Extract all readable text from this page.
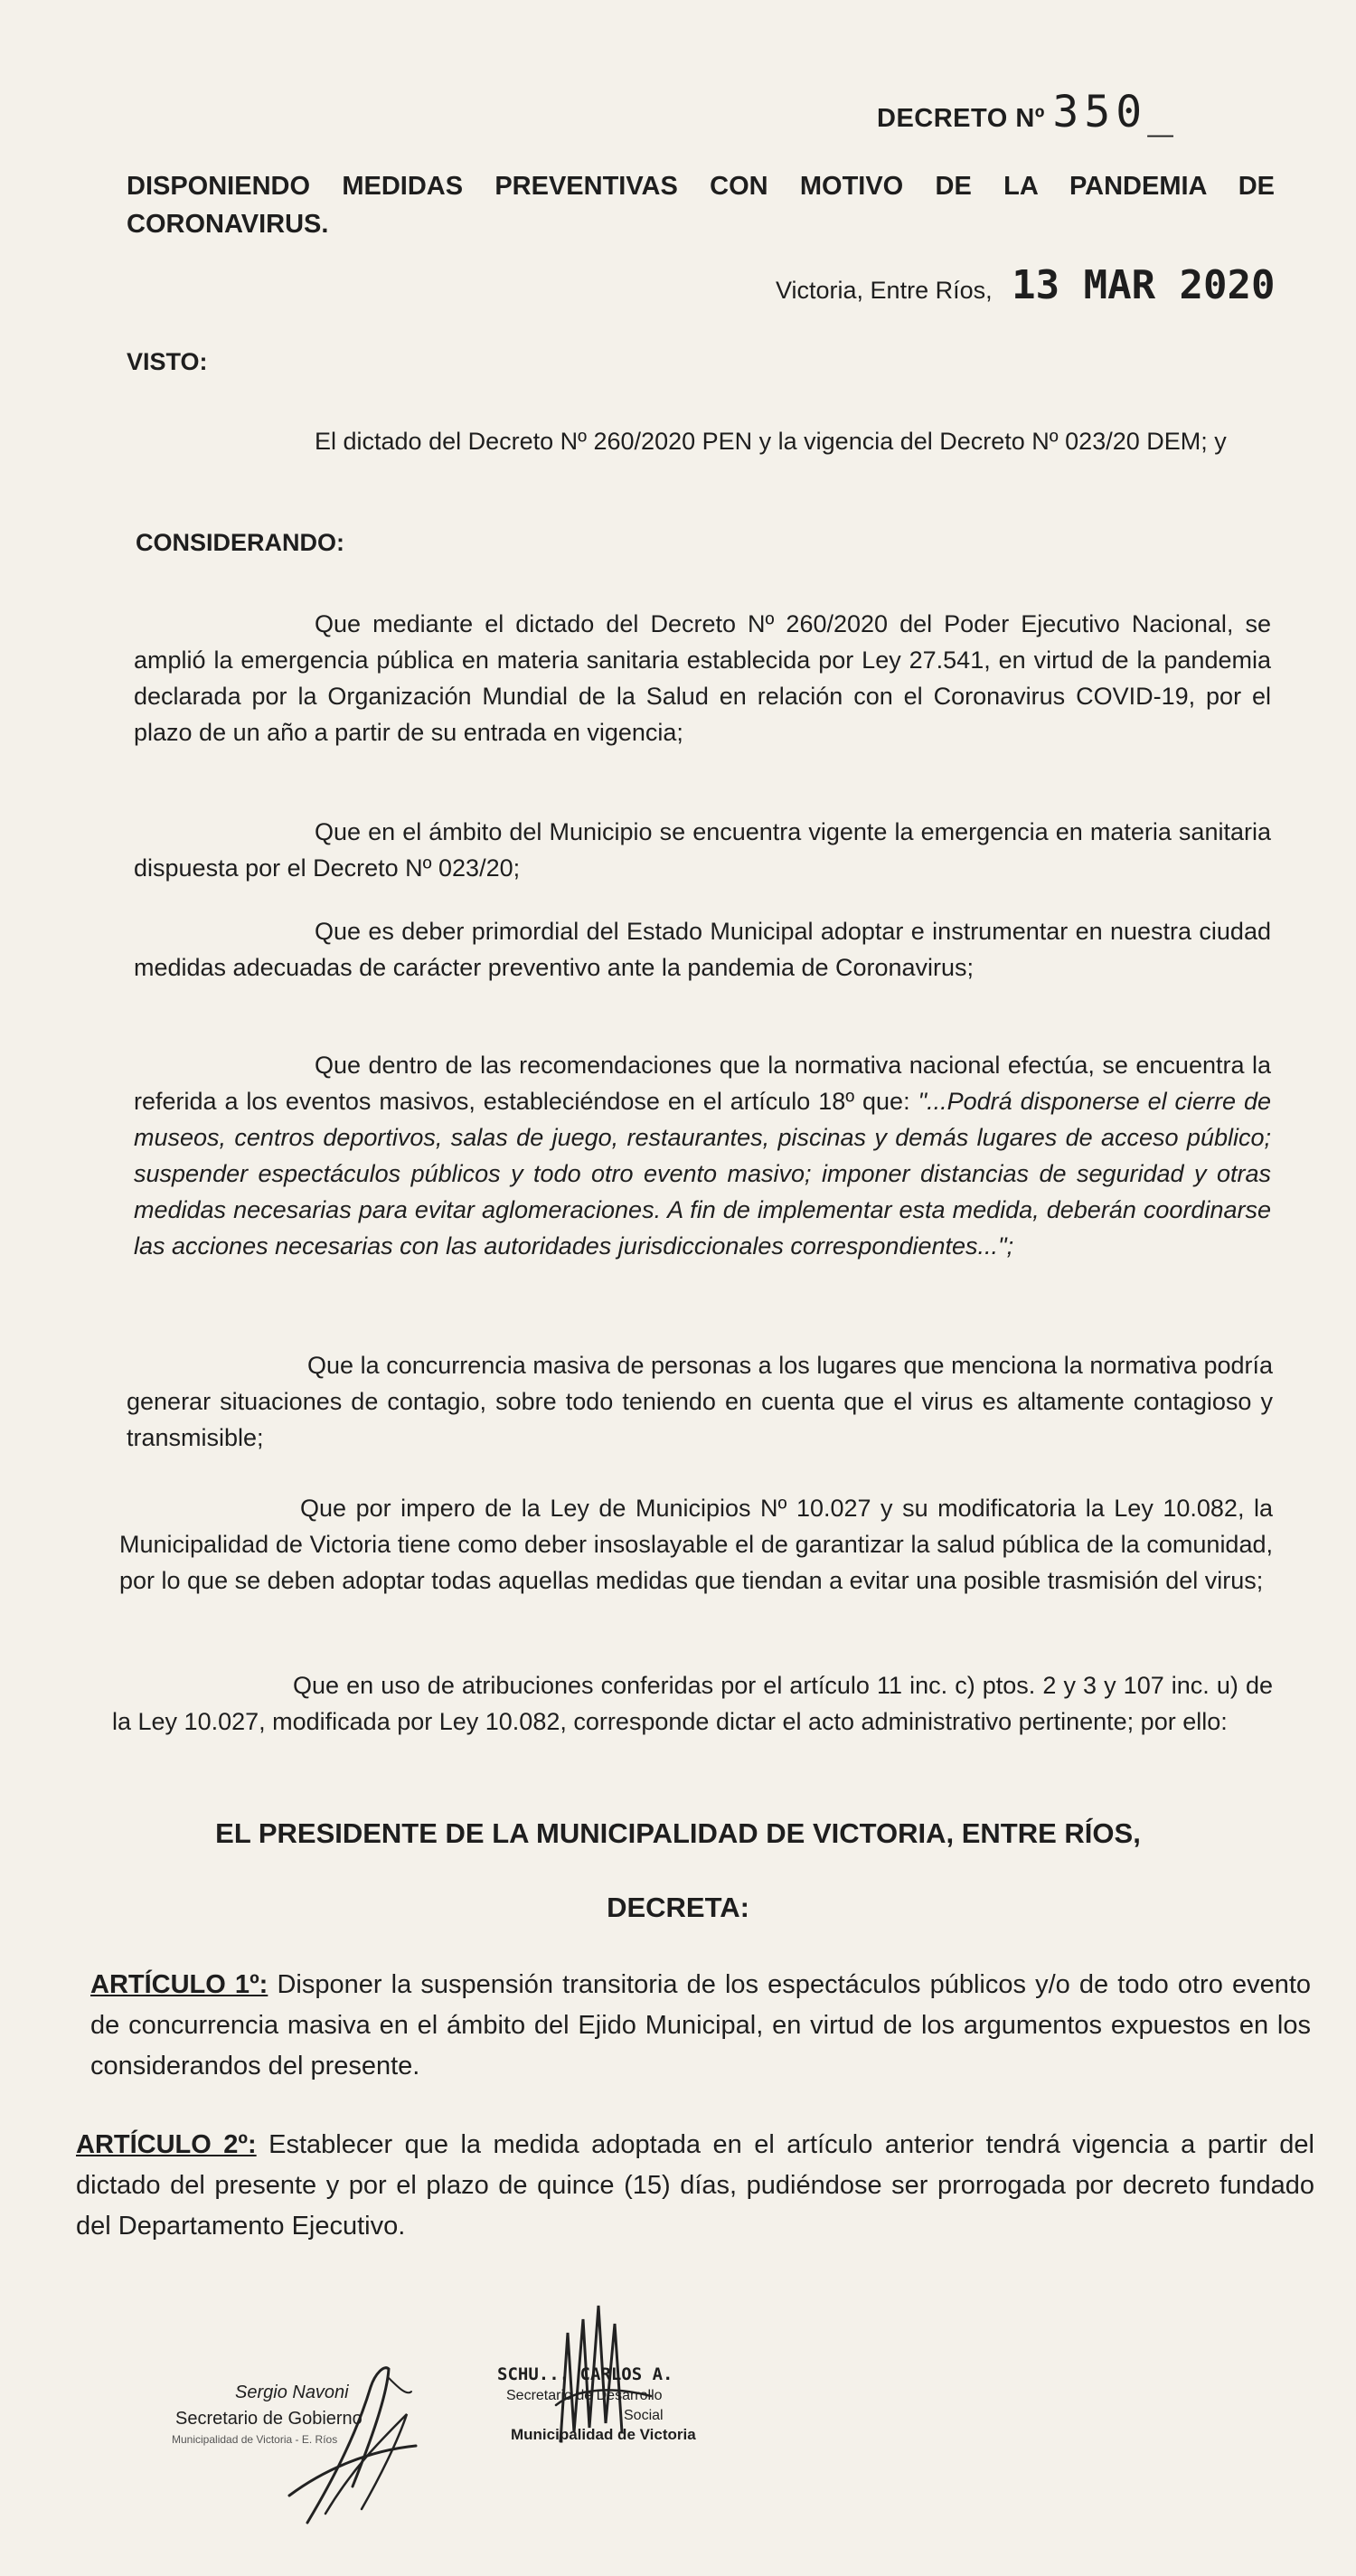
DECRETO Nº 350_
DISPONIENDO MEDIDAS PREVENTIVAS CON MOTIVO DE LA PANDEMIA DE CORONAVIRUS.
Victoria, Entre Ríos, 13 MAR 2020
VISTO:
El dictado del Decreto Nº 260/2020 PEN y la vigencia del Decreto Nº 023/20 DEM; y
CONSIDERANDO:
Que mediante el dictado del Decreto Nº 260/2020 del Poder Ejecutivo Nacional, se amplió la emergencia pública en materia sanitaria establecida por Ley 27.541, en virtud de la pandemia declarada por la Organización Mundial de la Salud en relación con el Coronavirus COVID-19, por el plazo de un año a partir de su entrada en vigencia;
Que en el ámbito del Municipio se encuentra vigente la emergencia en materia sanitaria dispuesta por el Decreto Nº 023/20;
Que es deber primordial del Estado Municipal adoptar e instrumentar en nuestra ciudad medidas adecuadas de carácter preventivo ante la pandemia de Coronavirus;
Que dentro de las recomendaciones que la normativa nacional efectúa, se encuentra la referida a los eventos masivos, estableciéndose en el artículo 18º que: "...Podrá disponerse el cierre de museos, centros deportivos, salas de juego, restaurantes, piscinas y demás lugares de acceso público; suspender espectáculos públicos y todo otro evento masivo; imponer distancias de seguridad y otras medidas necesarias para evitar aglomeraciones. A fin de implementar esta medida, deberán coordinarse las acciones necesarias con las autoridades jurisdiccionales correspondientes...";
Que la concurrencia masiva de personas a los lugares que menciona la normativa podría generar situaciones de contagio, sobre todo teniendo en cuenta que el virus es altamente contagioso y transmisible;
Que por impero de la Ley de Municipios Nº 10.027 y su modificatoria la Ley 10.082, la Municipalidad de Victoria tiene como deber insoslayable el de garantizar la salud pública de la comunidad, por lo que se deben adoptar todas aquellas medidas que tiendan a evitar una posible trasmisión del virus;
Que en uso de atribuciones conferidas por el artículo 11 inc. c) ptos. 2 y 3 y 107 inc. u) de la Ley 10.027, modificada por Ley 10.082, corresponde dictar el acto administrativo pertinente; por ello:
EL PRESIDENTE DE LA MUNICIPALIDAD DE VICTORIA, ENTRE RÍOS,
DECRETA:
ARTÍCULO 1º: Disponer la suspensión transitoria de los espectáculos públicos y/o de todo otro evento de concurrencia masiva en el ámbito del Ejido Municipal, en virtud de los argumentos expuestos en los considerandos del presente.
ARTÍCULO 2º: Establecer que la medida adoptada en el artículo anterior tendrá vigencia a partir del dictado del presente y por el plazo de quince (15) días, pudiéndose ser prorrogada por decreto fundado del Departamento Ejecutivo.
Sergio Navoni
Secretario de Gobierno
Municipalidad de Victoria - E. Ríos
SCHU... CARLOS A.
Secretario de Desarrollo
Social
Municipalidad de Victoria
